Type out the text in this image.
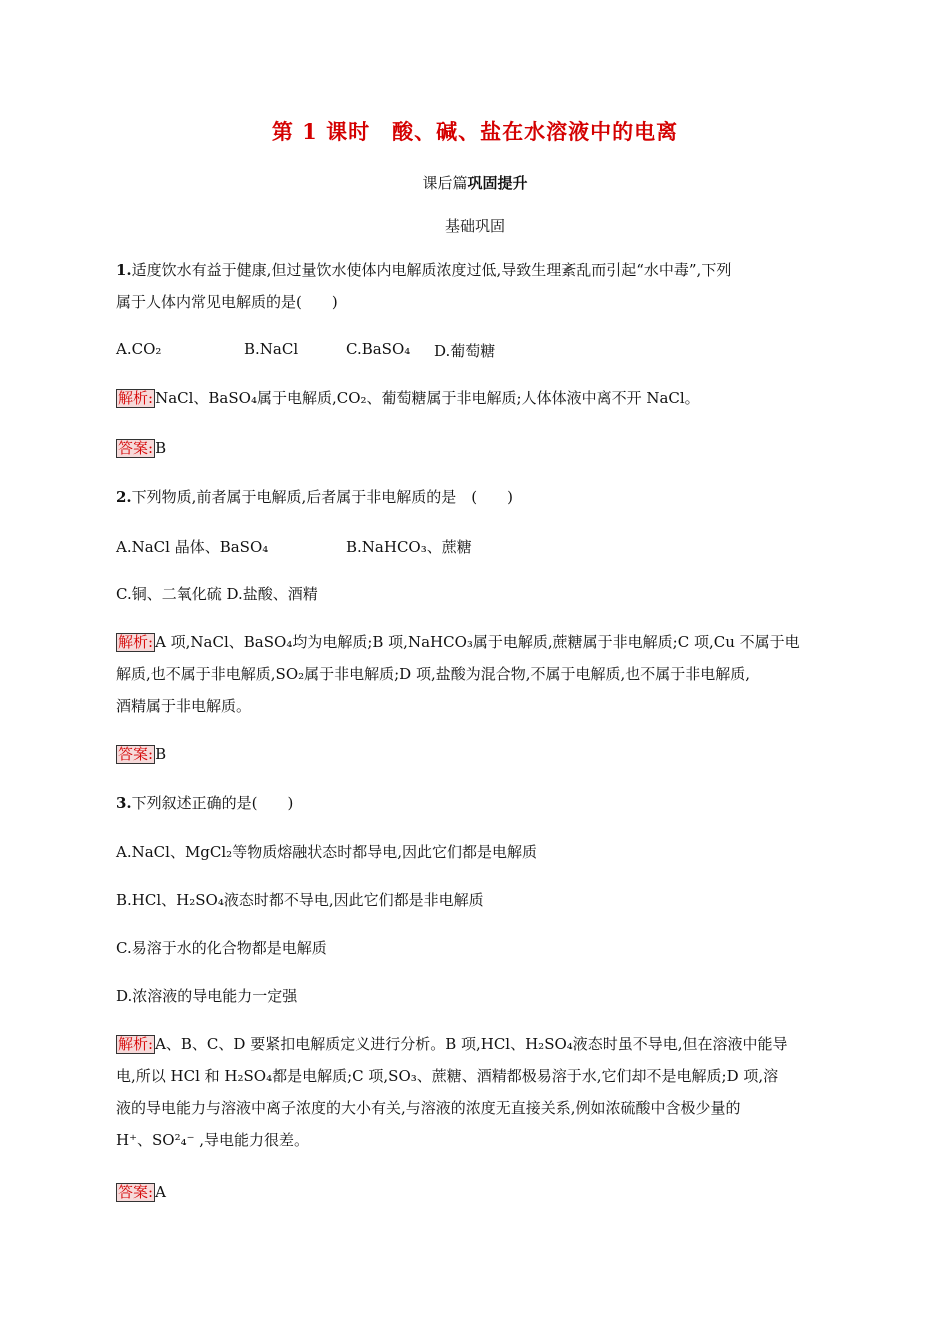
第 1 课时　酸、碱、盐在水溶液中的电离
课后篇巩固提升
基础巩固
1.适度饮水有益于健康,但过量饮水使体内电解质浓度过低,导致生理紊乱而引起“水中毒”,下列
属于人体内常见电解质的是(　　)
A.CO₂	B.NaCl	C.BaSO₄ D.葡萄糖
解析: NaCl、BaSO₄属于电解质,CO₂、葡萄糖属于非电解质;人体体液中离不开 NaCl。
答案: B
2.下列物质,前者属于电解质,后者属于非电解质的是　(　　)
A.NaCl 晶体、BaSO₄	B.NaHCO₃、蔗糖
C.铜、二氧化硫 D.盐酸、酒精
解析: A 项,NaCl、BaSO₄均为电解质;B 项,NaHCO₃属于电解质,蔗糖属于非电解质;C 项,Cu 不属于电
解质,也不属于非电解质,SO₂属于非电解质;D 项,盐酸为混合物,不属于电解质,也不属于非电解质,
酒精属于非电解质。
答案: B
3.下列叙述正确的是(　　)
A.NaCl、MgCl₂等物质熔融状态时都导电,因此它们都是电解质
B.HCl、H₂SO₄液态时都不导电,因此它们都是非电解质
C.易溶于水的化合物都是电解质
D.浓溶液的导电能力一定强
解析: A、B、C、D 要紧扣电解质定义进行分析。B 项,HCl、H₂SO₄液态时虽不导电,但在溶液中能导
电,所以 HCl 和 H₂SO₄都是电解质;C 项,SO₃、蔗糖、酒精都极易溶于水,它们却不是电解质;D 项,溶
液的导电能力与溶液中离子浓度的大小有关,与溶液的浓度无直接关系,例如浓硫酸中含极少量的
H⁺、SO²₄⁻ ,导电能力很差。
答案: A
